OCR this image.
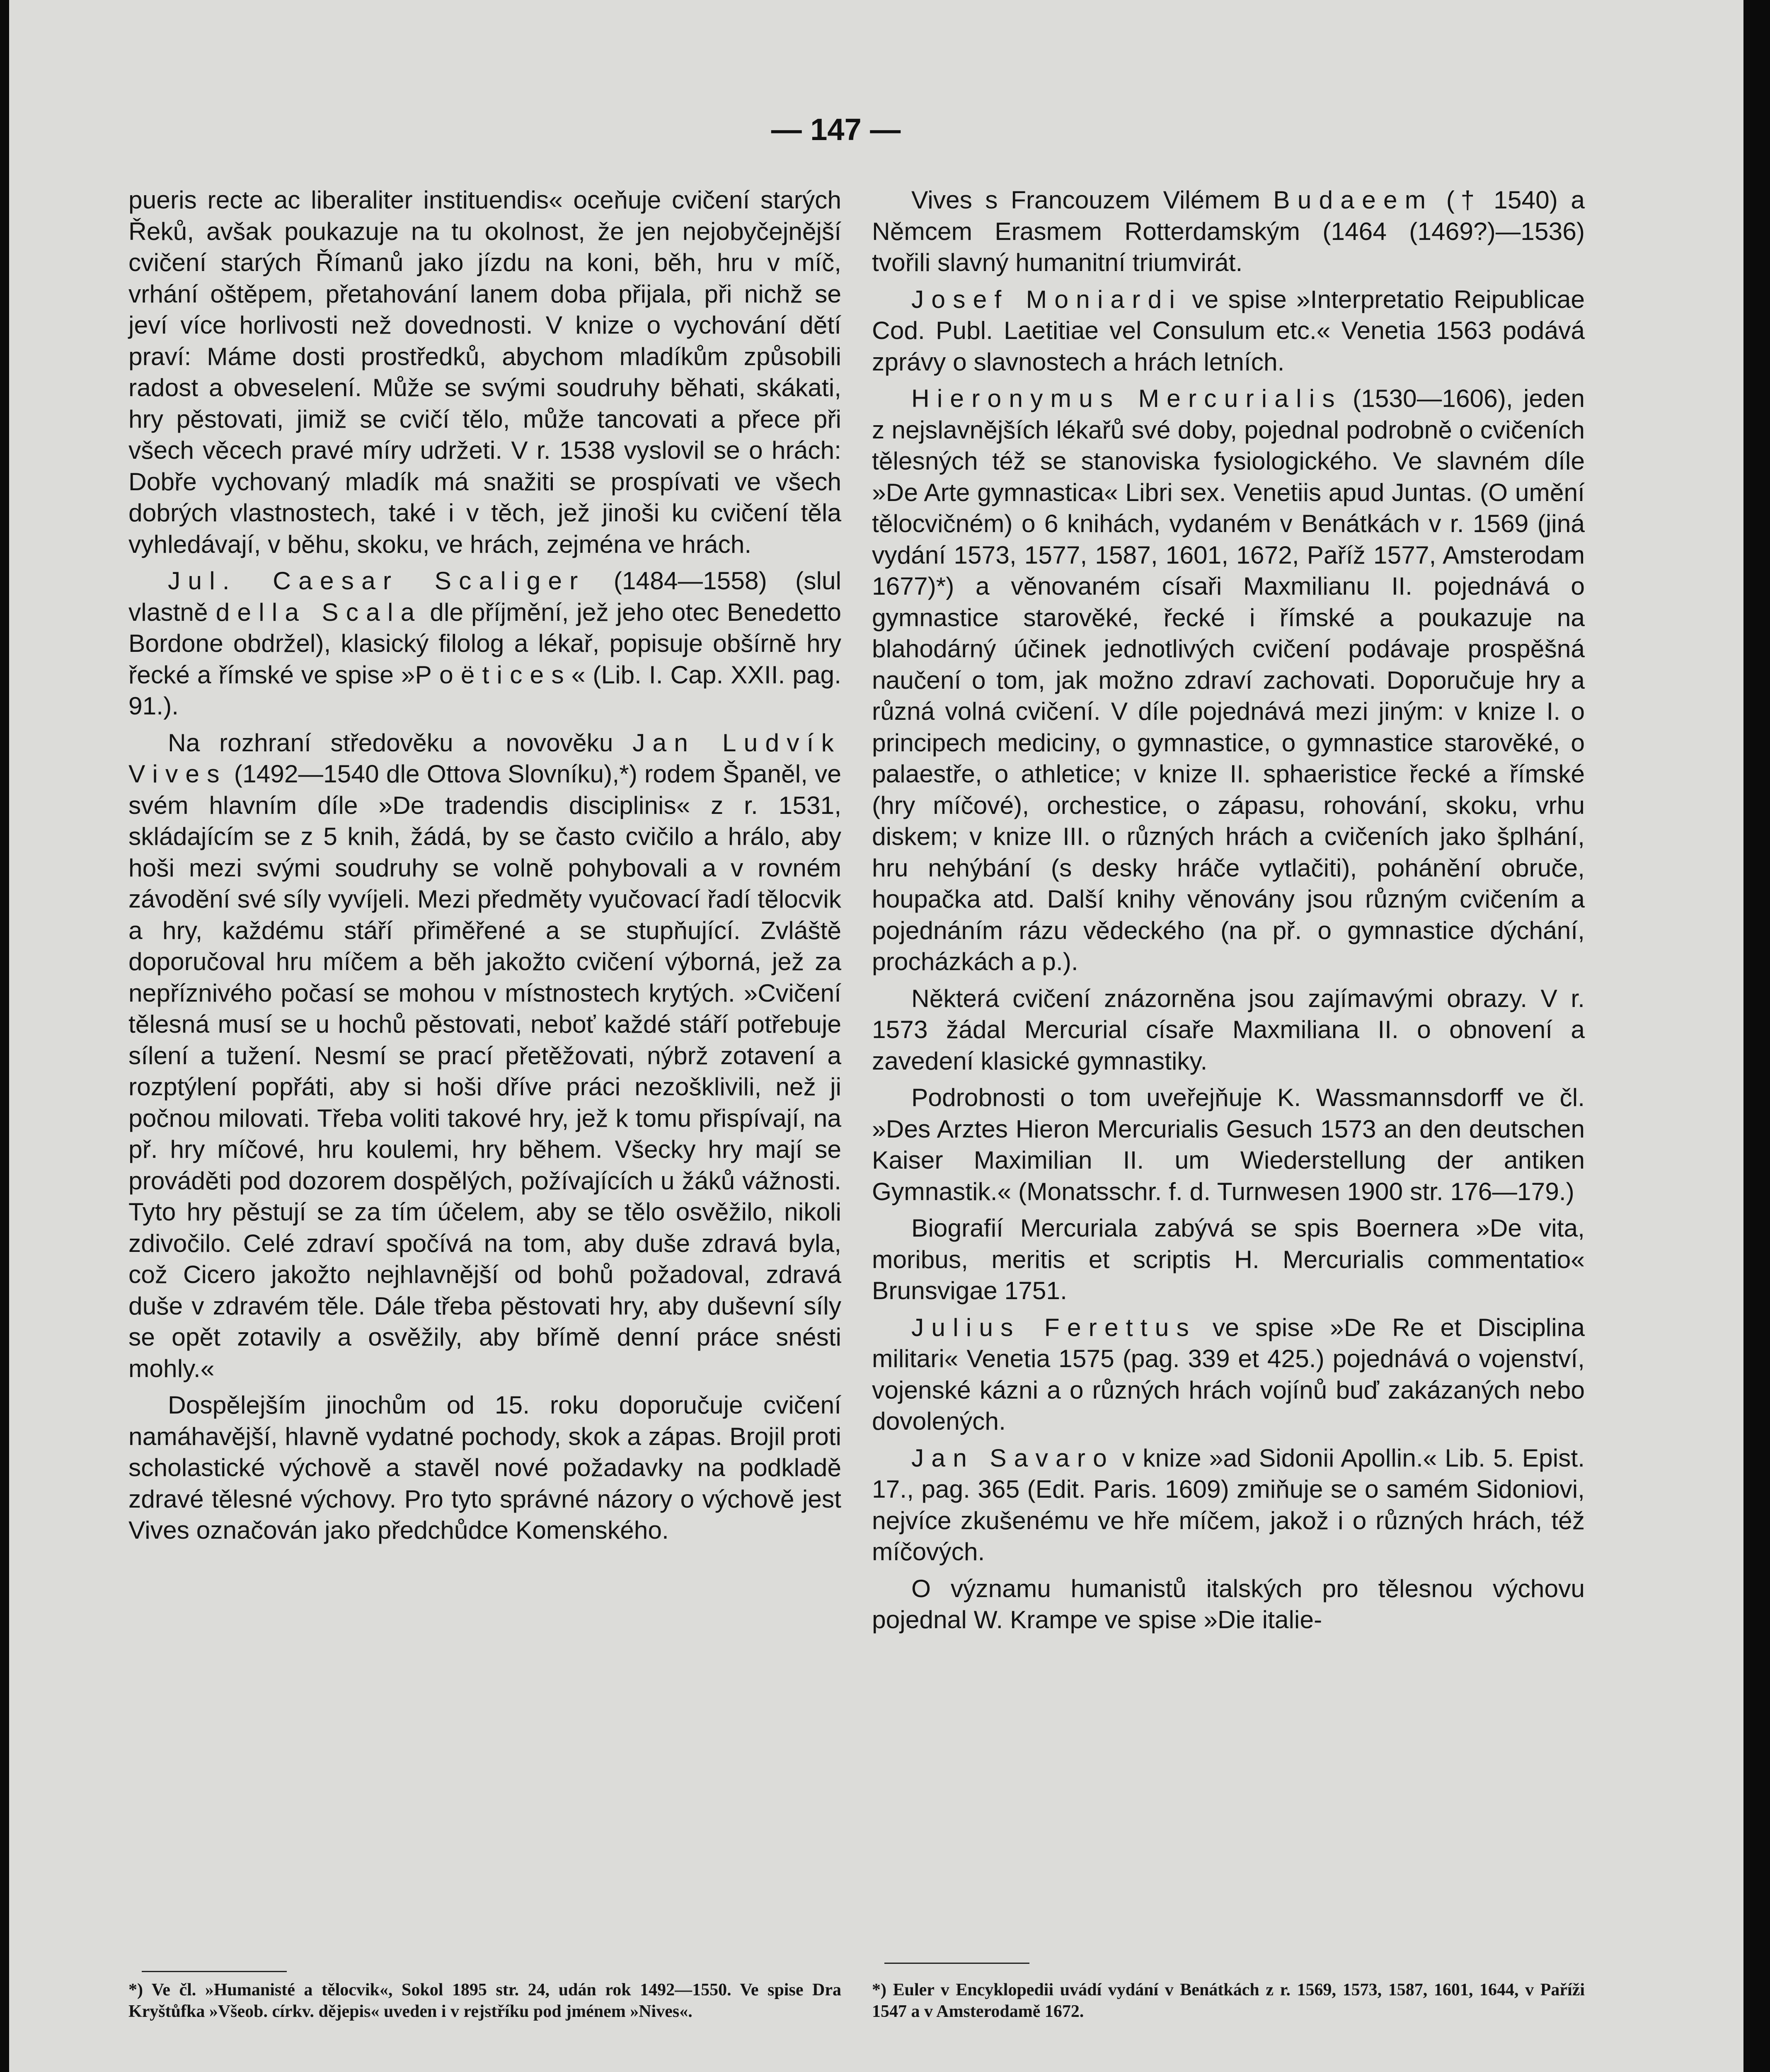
— 147 —

pueris recte ac liberaliter instituendis« oceňuje cvičení starých Řeků, avšak poukazuje na tu okolnost, že jen nejobyčejnější cvičení starých Římanů jako jízdu na koni, běh, hru v míč, vrhání oštěpem, přetahování lanem doba přijala, při nichž se jeví více horlivosti než dovednosti. V knize o vychování dětí praví: Máme dosti prostředků, abychom mladíkům způsobili radost a obveselení. Může se svými soudruhy běhati, skákati, hry pěstovati, jimiž se cvičí tělo, může tancovati a přece při všech věcech pravé míry udržeti. V r. 1538 vyslovil se o hrách: Dobře vychovaný mladík má snažiti se prospívati ve všech dobrých vlastnostech, také i v těch, jež jinoši ku cvičení těla vyhledávají, v běhu, skoku, ve hrách, zejména ve hrách.

Jul. Caesar Scaliger (1484—1558) (slul vlastně della Scala dle příjmění, jež jeho otec Benedetto Bordone obdržel), klasický filolog a lékař, popisuje obšírně hry řecké a římské ve spise »Poëtices« (Lib. I. Cap. XXII. pag. 91.).

Na rozhraní středověku a novověku Jan Ludvík Vives (1492—1540 dle Ottova Slovníku),*) rodem Španěl, ve svém hlavním díle »De tradendis disciplinis« z r. 1531, skládajícím se z 5 knih, žádá, by se často cvičilo a hrálo, aby hoši mezi svými soudruhy se volně pohybovali a v rovném závodění své síly vyvíjeli. Mezi předměty vyučovací řadí tělocvik a hry, každému stáří přiměřené a se stupňující. Zvláště doporučoval hru míčem a běh jakožto cvičení výborná, jež za nepříznivého počasí se mohou v místnostech krytých. »Cvičení tělesná musí se u hochů pěstovati, neboť každé stáří potřebuje sílení a tužení. Nesmí se prací přetěžovati, nýbrž zotavení a rozptýlení popřáti, aby si hoši dříve práci nezošklivili, než ji počnou milovati. Třeba voliti takové hry, jež k tomu přispívají, na př. hry míčové, hru koulemi, hry během. Všecky hry mají se prováděti pod dozorem dospělých, požívajících u žáků vážnosti. Tyto hry pěstují se za tím účelem, aby se tělo osvěžilo, nikoli zdivočilo. Celé zdraví spočívá na tom, aby duše zdravá byla, což Cicero jakožto nejhlavnější od bohů požadoval, zdravá duše v zdravém těle. Dále třeba pěstovati hry, aby duševní síly se opět zotavily a osvěžily, aby břímě denní práce snésti mohly.«

Dospělejším jinochům od 15. roku doporučuje cvičení namáhavější, hlavně vydatné pochody, skok a zápas. Brojil proti scholastické výchově a stavěl nové požadavky na podkladě zdravé tělesné výchovy. Pro tyto správné názory o výchově jest Vives označován jako předchůdce Komenského.

*) Ve čl. »Humanisté a tělocvik«, Sokol 1895 str. 24, udán rok 1492—1550. Ve spise Dra Kryštůfka »Všeob. církv. dějepis« uveden i v rejstříku pod jménem »Nives«.

Vives s Francouzem Vilémem Budaeem († 1540) a Němcem Erasmem Rotterdamským (1464 (1469?)—1536) tvořili slavný humanitní triumvirát.

Josef Moniardi ve spise »Interpretatio Reipublicae Cod. Publ. Laetitiae vel Consulum etc.« Venetia 1563 podává zprávy o slavnostech a hrách letních.

Hieronymus Mercurialis (1530—1606), jeden z nejslavnějších lékařů své doby, pojednal podrobně o cvičeních tělesných též se stanoviska fysiologického. Ve slavném díle »De Arte gymnastica« Libri sex. Venetiis apud Juntas. (O umění tělocvičném) o 6 knihách, vydaném v Benátkách v r. 1569 (jiná vydání 1573, 1577, 1587, 1601, 1672, Paříž 1577, Amsterodam 1677)*) a věnovaném císaři Maxmilianu II. pojednává o gymnastice starověké, řecké i římské a poukazuje na blahodárný účinek jednotlivých cvičení podávaje prospěšná naučení o tom, jak možno zdraví zachovati. Doporučuje hry a různá volná cvičení. V díle pojednává mezi jiným: v knize I. o principech mediciny, o gymnastice, o gymnastice starověké, o palaestře, o athletice; v knize II. sphaeristice řecké a římské (hry míčové), orchestice, o zápasu, rohování, skoku, vrhu diskem; v knize III. o různých hrách a cvičeních jako šplhání, hru nehýbání (s desky hráče vytlačiti), pohánění obruče, houpačka atd. Další knihy věnovány jsou různým cvičením a pojednáním rázu vědeckého (na př. o gymnastice dýchání, procházkách a p.).

Některá cvičení znázorněna jsou zajímavými obrazy. V r. 1573 žádal Mercurial císaře Maxmiliana II. o obnovení a zavedení klasické gymnastiky.

Podrobnosti o tom uveřejňuje K. Wassmannsdorff ve čl. »Des Arztes Hieron Mercurialis Gesuch 1573 an den deutschen Kaiser Maximilian II. um Wiederstellung der antiken Gymnastik.« (Monatsschr. f. d. Turnwesen 1900 str. 176—179.)

Biografií Mercuriala zabývá se spis Boernera »De vita, moribus, meritis et scriptis H. Mercurialis commentatio« Brunsvigae 1751.

Julius Ferettus ve spise »De Re et Disciplina militari« Venetia 1575 (pag. 339 et 425.) pojednává o vojenství, vojenské kázni a o různých hrách vojínů buď zakázaných nebo dovolených.

Jan Savaro v knize »ad Sidonii Apollin.« Lib. 5. Epist. 17., pag. 365 (Edit. Paris. 1609) zmiňuje se o samém Sidoniovi, nejvíce zkušenému ve hře míčem, jakož i o různých hrách, též míčových.

O významu humanistů italských pro tělesnou výchovu pojednal W. Krampe ve spise »Die italie-

*) Euler v Encyklopedii uvádí vydání v Benátkách z r. 1569, 1573, 1587, 1601, 1644, v Paříži 1547 a v Amsterodamě 1672.
